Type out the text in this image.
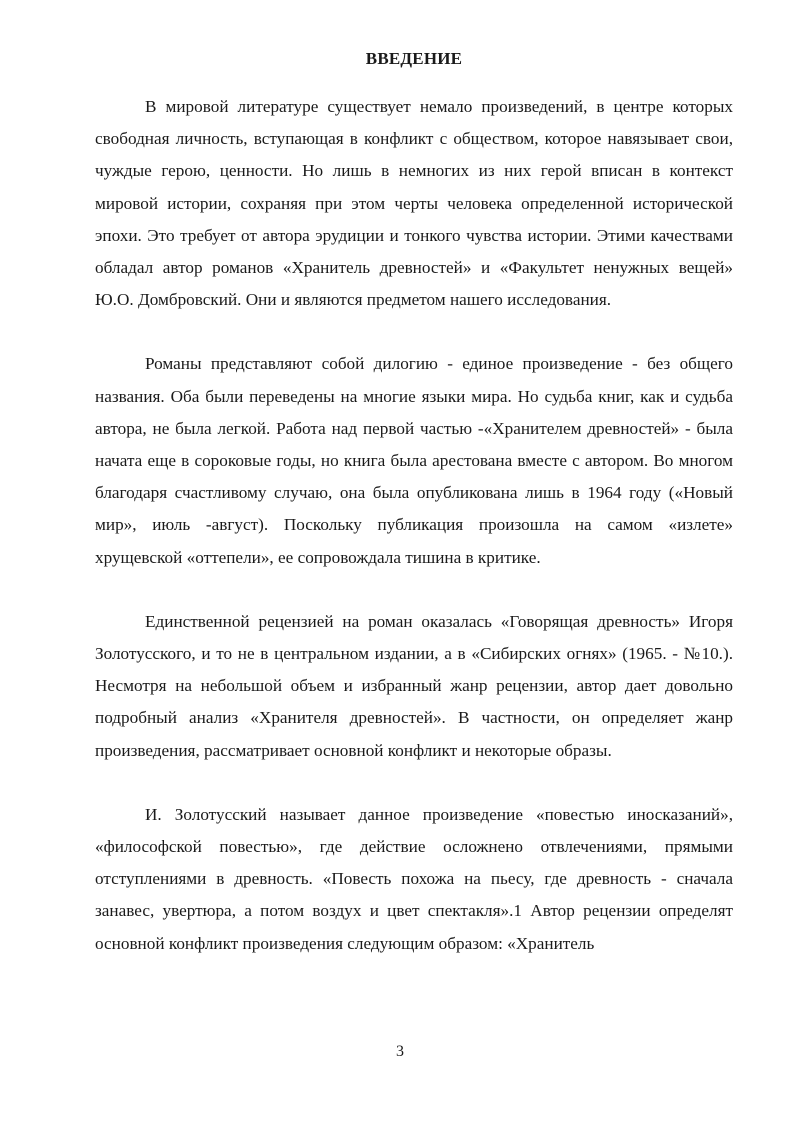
ВВЕДЕНИЕ

В мировой литературе существует немало произведений, в центре которых свободная личность, вступающая в конфликт с обществом, которое навязывает свои, чуждые герою, ценности. Но лишь в немногих из них герой вписан в контекст мировой истории, сохраняя при этом черты человека определенной исторической эпохи. Это требует от автора эрудиции и тонкого чувства истории. Этими качествами обладал автор романов «Хранитель древностей» и «Факультет ненужных вещей» Ю.О. Домбровский. Они и являются предметом нашего исследования.

Романы представляют собой дилогию - единое произведение - без общего названия. Оба были переведены на многие языки мира. Но судьба книг, как и судьба автора, не была легкой. Работа над первой частью -«Хранителем древностей» - была начата еще в сороковые годы, но книга была арестована вместе с автором. Во многом благодаря счастливому случаю, она была опубликована лишь в 1964 году («Новый мир», июль -август). Поскольку публикация произошла на самом «излете» хрущевской «оттепели», ее сопровождала тишина в критике.

Единственной рецензией на роман оказалась «Говорящая древность» Игоря Золотусского, и то не в центральном издании, а в «Сибирских огнях» (1965. - №10.). Несмотря на небольшой объем и избранный жанр рецензии, автор дает довольно подробный анализ «Хранителя древностей». В частности, он определяет жанр произведения, рассматривает основной конфликт и некоторые образы.

И. Золотусский называет данное произведение «повестью иносказаний», «философской повестью», где действие осложнено отвлечениями, прямыми отступлениями в древность. «Повесть похожа на пьесу, где древность - сначала занавес, увертюра, а потом воздух и цвет спектакля».1 Автор рецензии определят основной конфликт произведения следующим образом: «Хранитель

3
